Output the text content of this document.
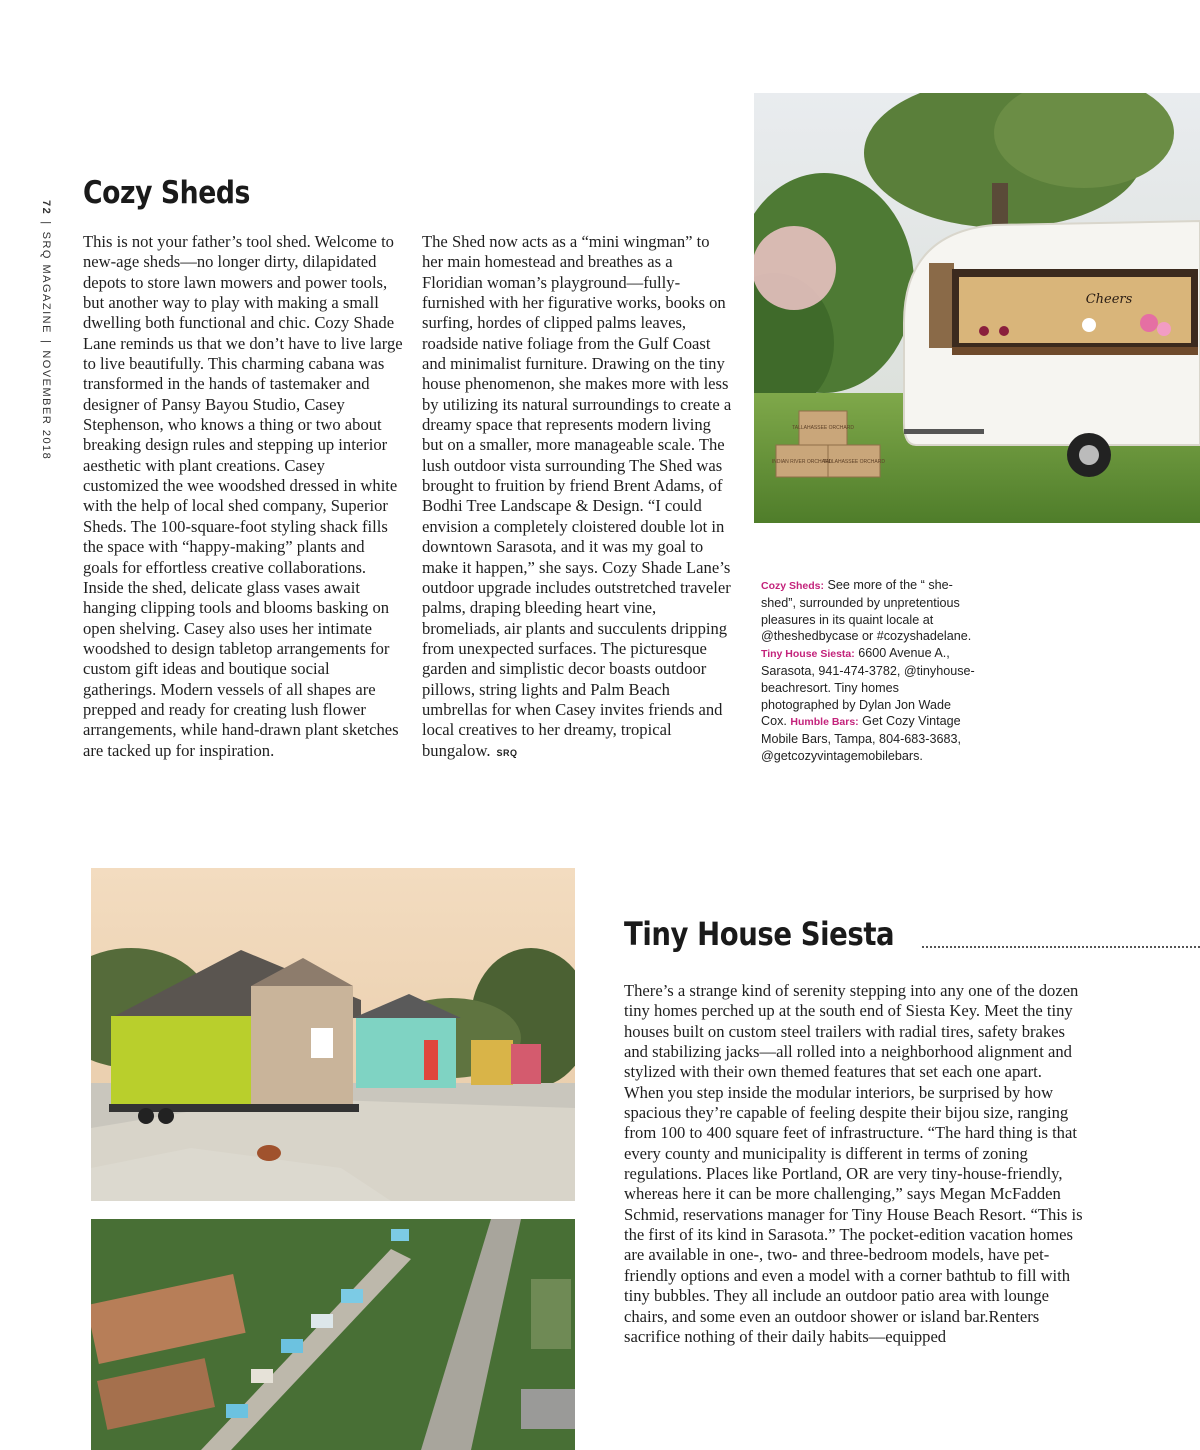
72|SRQ MAGAZINE|NOVEMBER 2018
Cozy Sheds

This is not your father’s tool shed. Welcome to new-age sheds—no longer dirty, dilapidated depots to store lawn mowers and power tools, but another way to play with making a small dwelling both functional and chic. Cozy Shade Lane reminds us that we don’t have to live large to live beautifully. This charming cabana was transformed in the hands of tastemaker and designer of Pansy Bayou Studio, Casey Stephenson, who knows a thing or two about breaking design rules and stepping up interior aesthetic with plant creations. Casey customized the wee woodshed dressed in white with the help of local shed company, Superior Sheds. The 100-square-foot styling shack fills the space with “happy-making” plants and goals for effortless creative collaborations. Inside the shed, delicate glass vases await hanging clipping tools and blooms basking on open shelving. Casey also uses her intimate woodshed to design tabletop arrangements for custom gift ideas and boutique social gatherings. Modern vessels of all shapes are prepped and ready for creating lush flower arrangements, while hand-drawn plant sketches are tacked up for inspiration.

The Shed now acts as a “mini wingman” to her main homestead and breathes as a Floridian woman’s playground—fully-furnished with her figurative works, books on surfing, hordes of clipped palms leaves, roadside native foliage from the Gulf Coast and minimalist furniture. Drawing on the tiny house phenomenon, she makes more with less by utilizing its natural surroundings to create a dreamy space that represents modern living but on a smaller, more manageable scale. The lush outdoor vista surrounding The Shed was brought to fruition by friend Brent Adams, of Bodhi Tree Landscape & Design. “I could envision a completely cloistered double lot in downtown Sarasota, and it was my goal to make it happen,” she says. Cozy Shade Lane’s outdoor upgrade includes outstretched traveler palms, draping bleeding heart vine, bromeliads, air plants and succulents dripping from unexpected surfaces. The picturesque garden and simplistic decor boasts outdoor pillows, string lights and Palm Beach umbrellas for when Casey invites friends and local creatives to her dreamy, tropical bungalow. SRQ

Cheers
TALLAHASSEE ORCHARD
INDIAN RIVER ORCHARD
TALLAHASSEE ORCHARD

Cozy Sheds: See more of the “ she-shed”, surrounded by unpretentious pleasures in its quaint locale at @theshedbycase or #cozyshadelane. Tiny House Siesta: 6600 Avenue A., Sarasota, 941-474-3782, @tinyhouse-beachresort. Tiny homes photographed by Dylan Jon Wade Cox. Humble Bars: Get Cozy Vintage Mobile Bars, Tampa, 804-683-3683, @getcozyvintagemobilebars.

Tiny House Siesta

There’s a strange kind of serenity stepping into any one of the dozen tiny homes perched up at the south end of Siesta Key. Meet the tiny houses built on custom steel trailers with radial tires, safety brakes and stabilizing jacks—all rolled into a neighborhood alignment and stylized with their own themed features that set each one apart. When you step inside the modular interiors, be surprised by how spacious they’re capable of feeling despite their bijou size, ranging from 100 to 400 square feet of infrastructure. “The hard thing is that every county and municipality is different in terms of zoning regulations. Places like Portland, OR are very tiny-house-friendly, whereas here it can be more challenging,” says Megan McFadden Schmid, reservations manager for Tiny House Beach Resort. “This is the first of its kind in Sarasota.” The pocket-edition vacation homes are available in one-, two- and three-bedroom models, have pet-friendly options and even a model with a corner bathtub to fill with tiny bubbles. They all include an outdoor patio area with lounge chairs, and some even an outdoor shower or island bar.Renters sacrifice nothing of their daily habits—equipped
